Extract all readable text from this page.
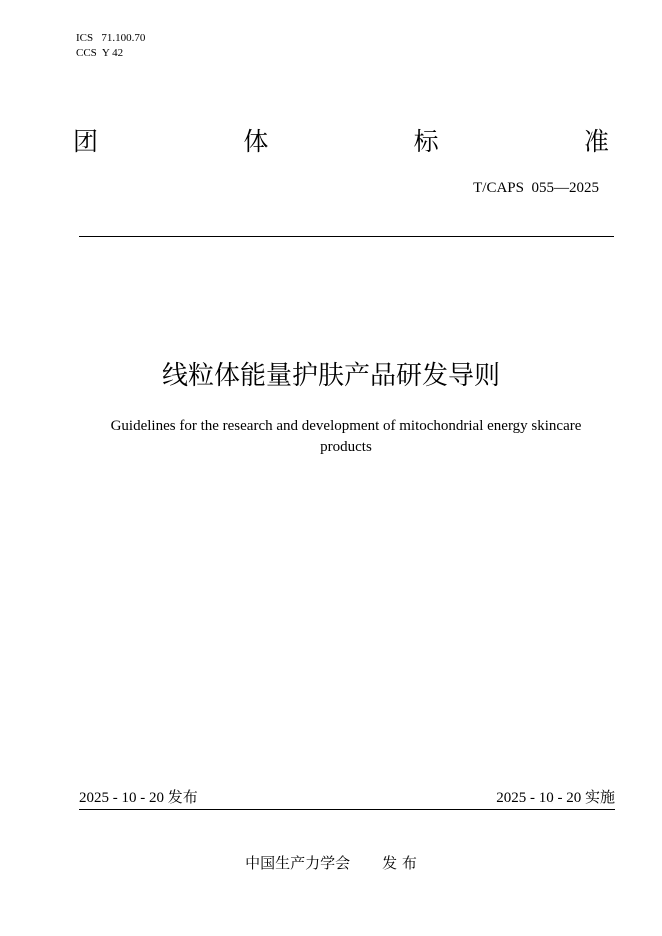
ICS   71.100.70
CCS  Y 42
团	体	标	准
T/CAPS  055—2025
线粒体能量护肤产品研发导则
Guidelines for the research and development of mitochondrial energy skincare products
2025 - 10 - 20 发布	2025 - 10 - 20 实施
中国生产力学会 发 布
